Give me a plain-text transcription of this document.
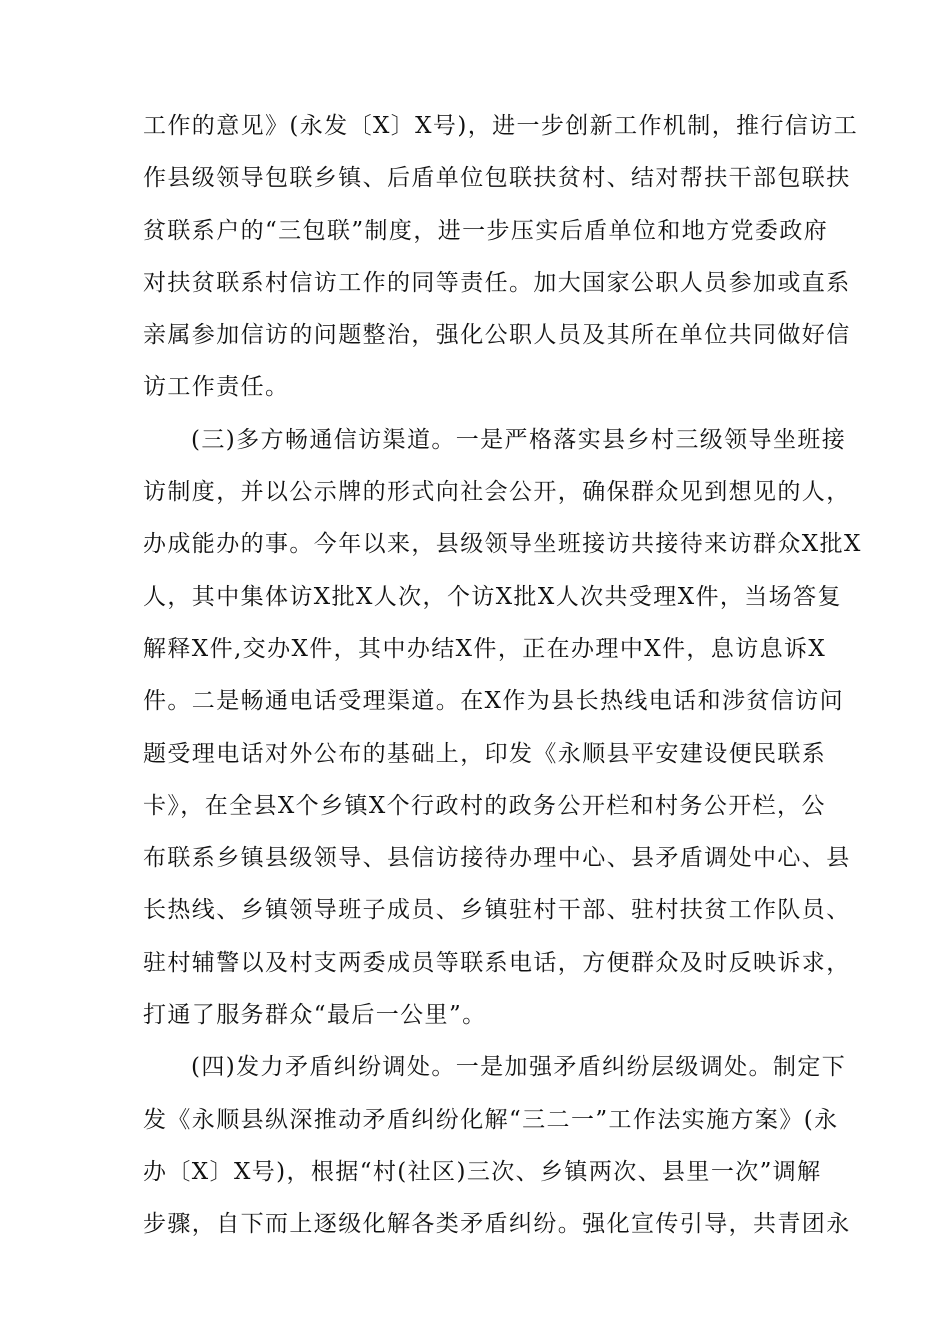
工作的意见》(永发〔X〕X号)，进一步创新工作机制，推行信访工
作县级领导包联乡镇、后盾单位包联扶贫村、结对帮扶干部包联扶
贫联系户的“三包联”制度，进一步压实后盾单位和地方党委政府
对扶贫联系村信访工作的同等责任。加大国家公职人员参加或直系
亲属参加信访的问题整治，强化公职人员及其所在单位共同做好信
访工作责任。
(三)多方畅通信访渠道。一是严格落实县乡村三级领导坐班接
访制度，并以公示牌的形式向社会公开，确保群众见到想见的人，
办成能办的事。今年以来，县级领导坐班接访共接待来访群众X批X
人，其中集体访X批X人次，个访X批X人次共受理X件，当场答复
解释X件,交办X件，其中办结X件，正在办理中X件，息访息诉X
件。二是畅通电话受理渠道。在X作为县长热线电话和涉贫信访问
题受理电话对外公布的基础上，印发《永顺县平安建设便民联系
卡》，在全县X个乡镇X个行政村的政务公开栏和村务公开栏，公
布联系乡镇县级领导、县信访接待办理中心、县矛盾调处中心、县
长热线、乡镇领导班子成员、乡镇驻村干部、驻村扶贫工作队员、
驻村辅警以及村支两委成员等联系电话，方便群众及时反映诉求，
打通了服务群众“最后一公里”。
(四)发力矛盾纠纷调处。一是加强矛盾纠纷层级调处。制定下
发《永顺县纵深推动矛盾纠纷化解“三二一”工作法实施方案》(永
办〔X〕X号)，根据“村(社区)三次、乡镇两次、县里一次”调解
步骤，自下而上逐级化解各类矛盾纠纷。强化宣传引导，共青团永
